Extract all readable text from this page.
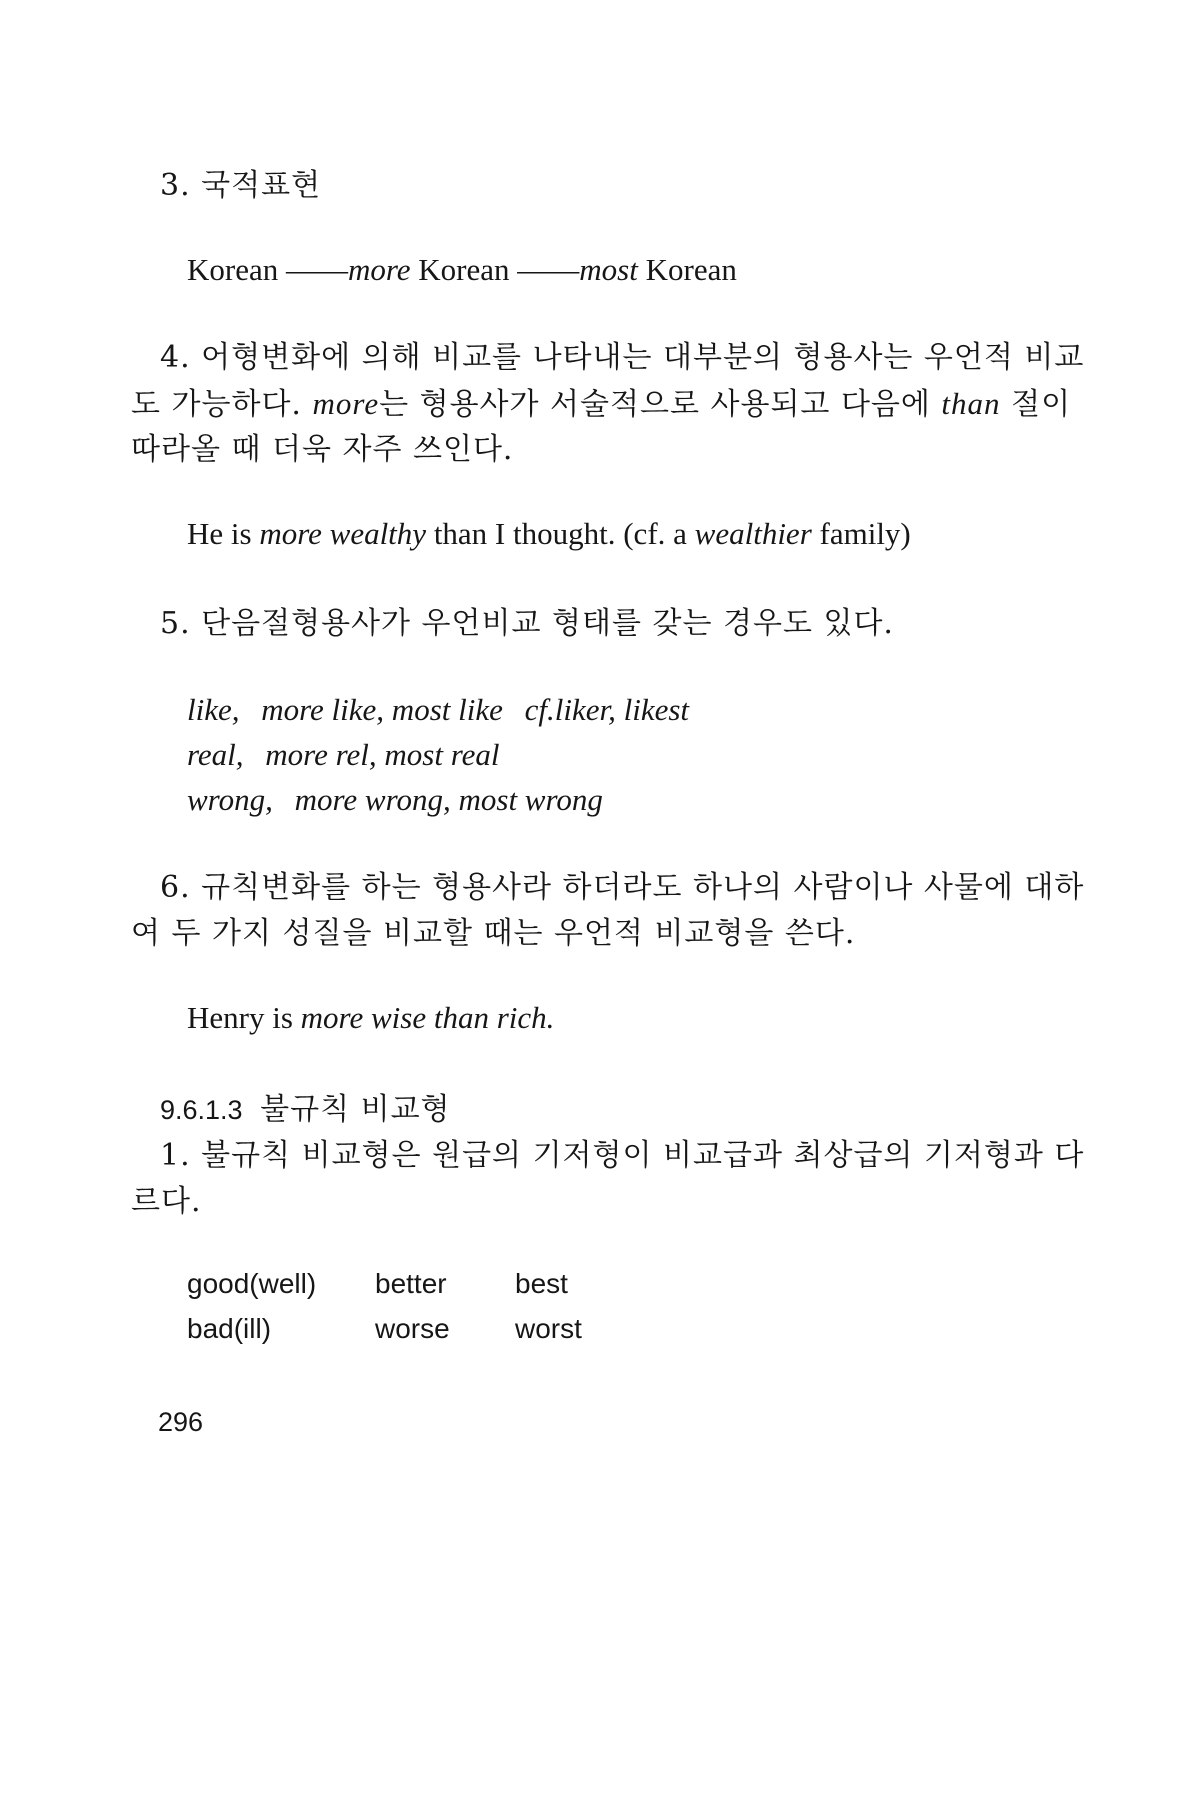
3. 국적표현
Korean ——more Korean ——most Korean
4. 어형변화에 의해 비교를 나타내는 대부분의 형용사는 우언적 비교
도 가능하다. more는 형용사가 서술적으로 사용되고 다음에 than 절이
따라올 때 더욱 자주 쓰인다.
He is more wealthy than I thought. (cf. a wealthier family)
5. 단음절형용사가 우언비교 형태를 갖는 경우도 있다.
like, more like, most like cf.liker, likest
real, more rel, most real
wrong, more wrong, most wrong
6. 규칙변화를 하는 형용사라 하더라도 하나의 사람이나 사물에 대하
여 두 가지 성질을 비교할 때는 우언적 비교형을 쓴다.
Henry is more wise than rich.
9.6.1.3 불규칙 비교형
1. 불규칙 비교형은 원급의 기저형이 비교급과 최상급의 기저형과 다
르다.
good(well) better best
bad(ill)	worse worst
296
